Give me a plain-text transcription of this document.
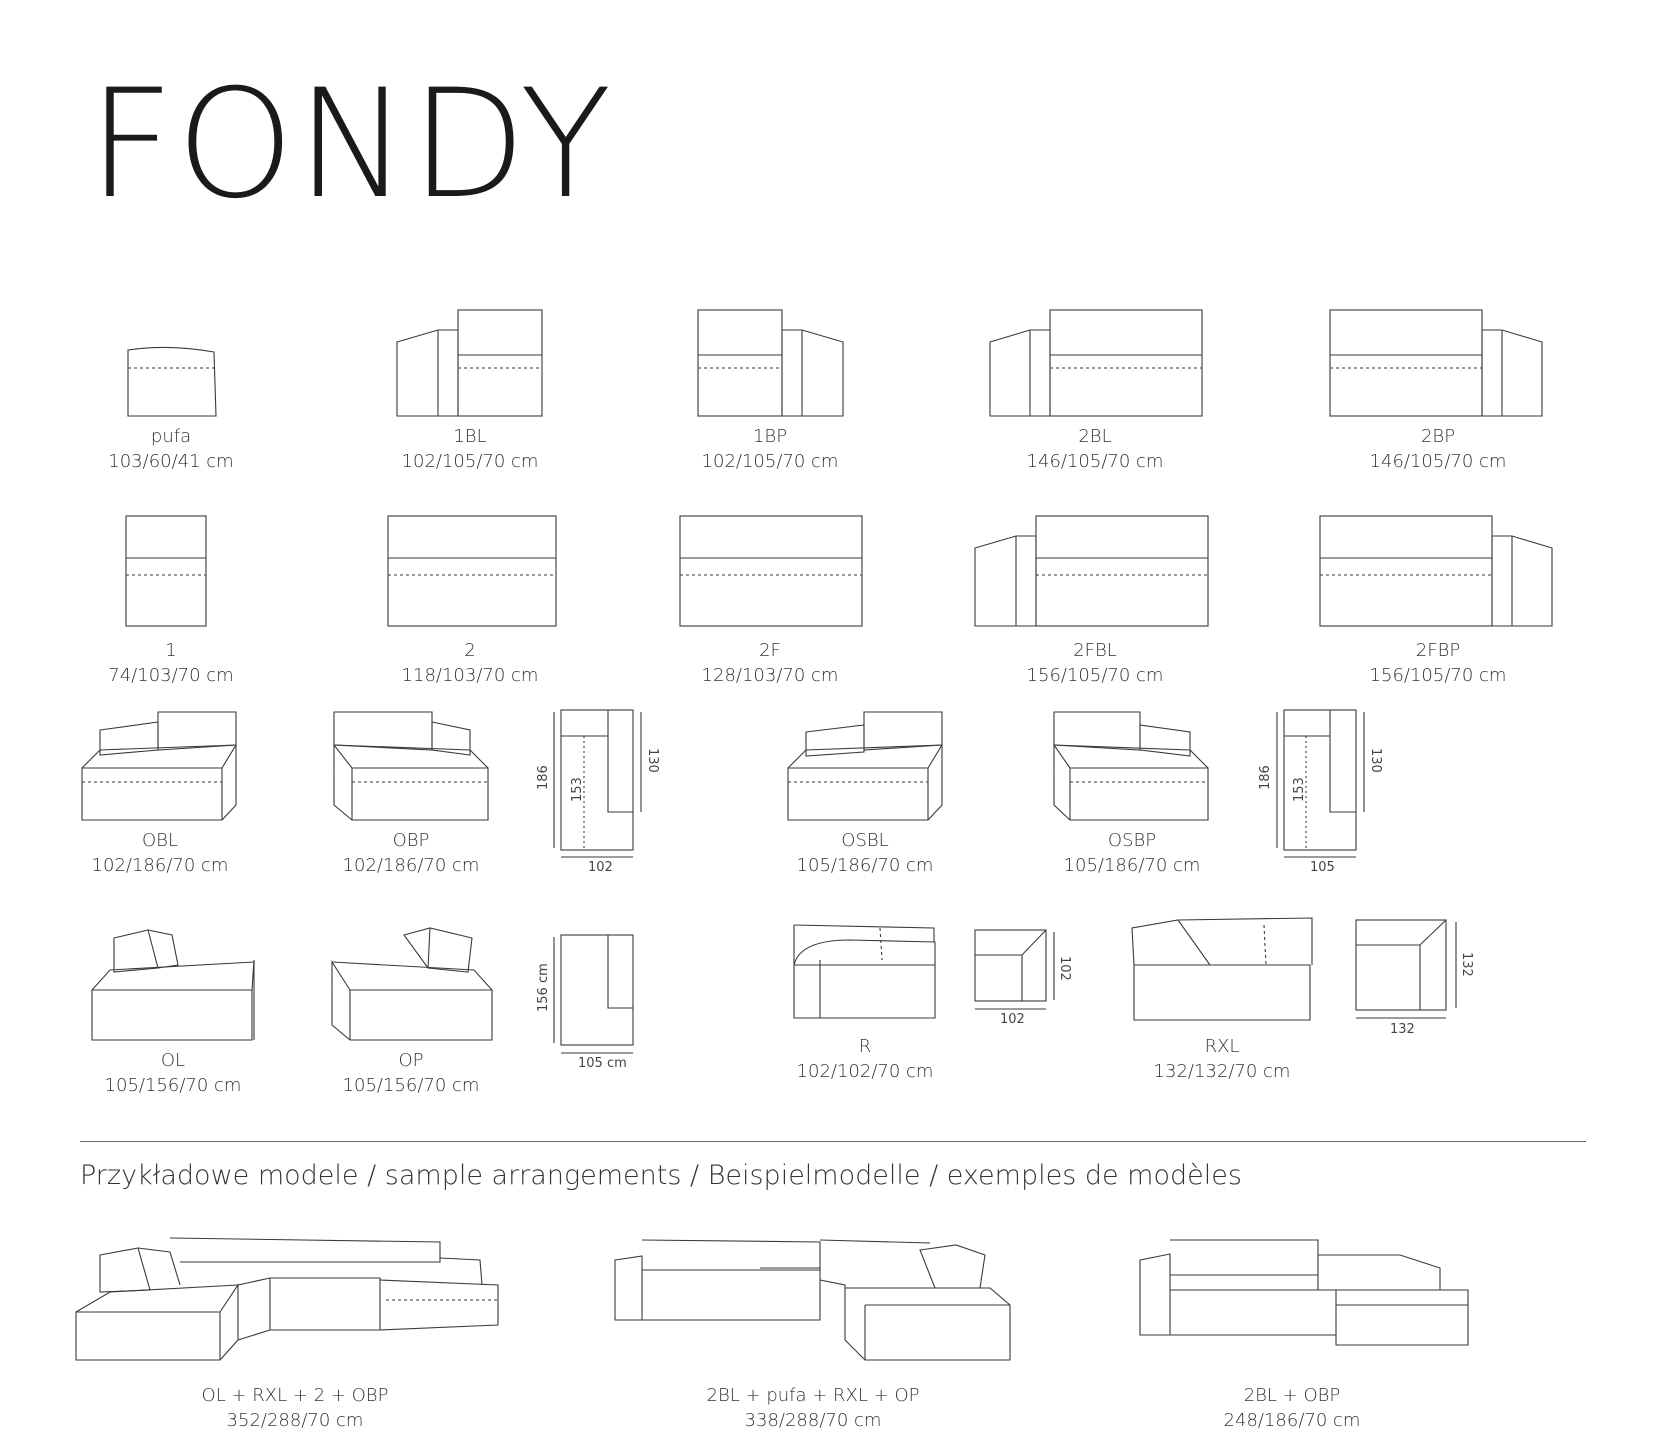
FONDY
pufa
103/60/41 cm
1BL
102/105/70 cm
1BP
102/105/70 cm
2BL
146/105/70 cm
2BP
146/105/70 cm
1
74/103/70 cm
2
118/103/70 cm
2F
128/103/70 cm
2FBL
156/105/70 cm
2FBP
156/105/70 cm
OBL
102/186/70 cm
OBP
102/186/70 cm
OSBL
105/186/70 cm
OSBP
105/186/70 cm
OL
105/156/70 cm
OP
105/156/70 cm
R
102/102/70 cm
RXL
132/132/70 cm
102
186 153
130
105
186 153
130
105 cm
156 cm
102
102
132
132
Przykładowe modele / sample arrangements / Beispielmodelle / exemples de modèles
OL + RXL + 2 + OBP
352/288/70 cm
2BL + pufa + RXL + OP
338/288/70 cm
2BL + OBP
248/186/70 cm
